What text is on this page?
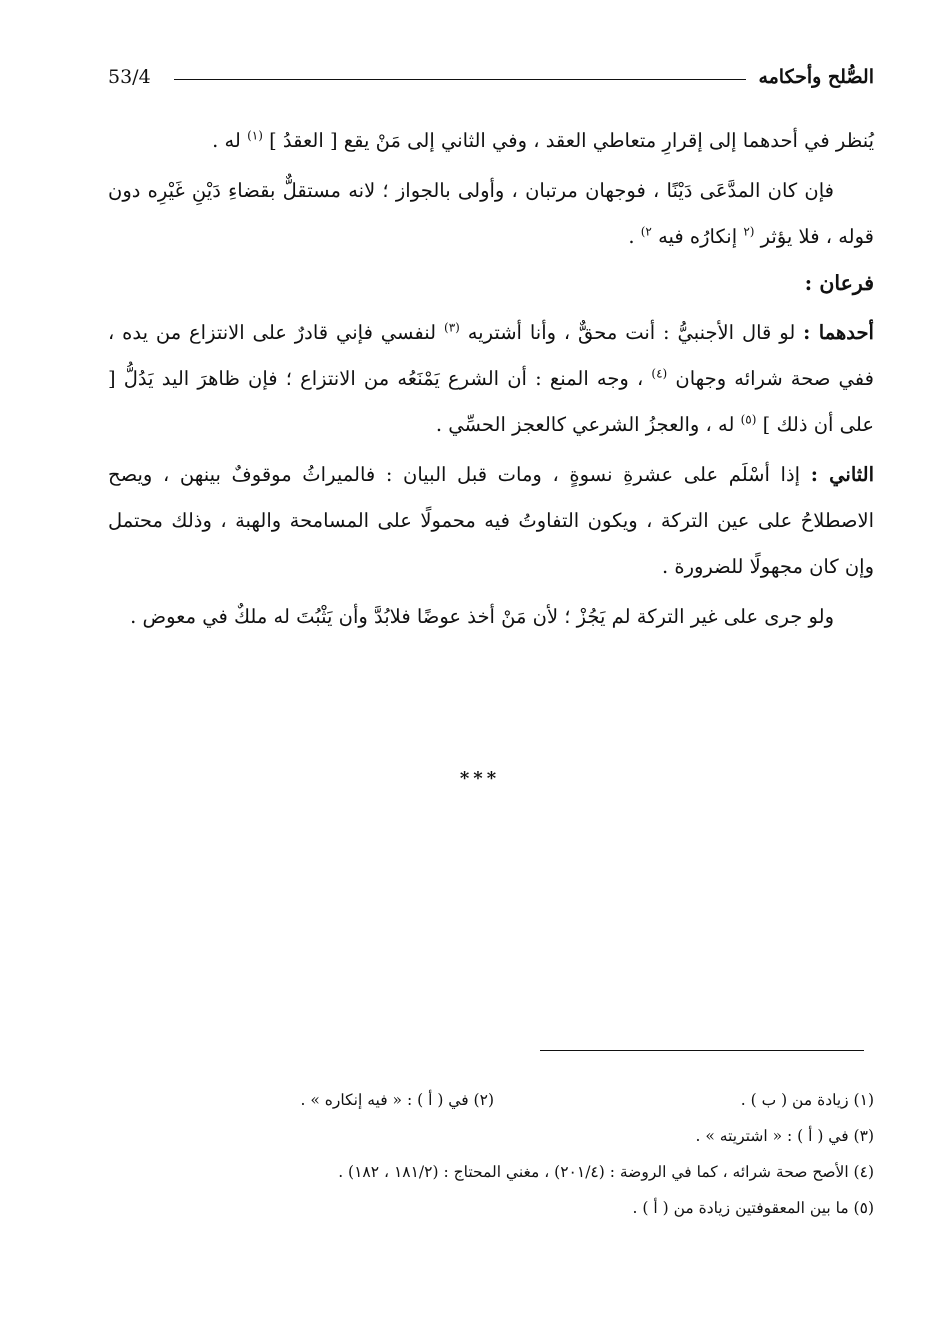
الصُّلح وأحكامه
53/4

يُنظر في أحدهما إلى إقرارِ متعاطي العقد ، وفي الثاني إلى مَنْ يقع [ العقدُ ] $^{(١)}$ له .

فإن كان المدَّعَى دَيْنًا ، فوجهان مرتبان ، وأولى بالجواز ؛ لانه مستقلٌّ بقضاءِ دَيْنِ غَيْرِه دون قوله ، فلا يؤثر $^{(٢}$ إنكارُه فيه $^{٢)}$ .

فرعان :

أحدهما : لو قال الأجنبيُّ : أنت محقٌّ ، وأنا أشتريه $^{(٣)}$ لنفسي فإني قادرٌ على الانتزاع من يده ، ففي صحة شرائه وجهان $^{(٤)}$ ، وجه المنع : أن الشرع يَمْنَعُه من الانتزاع ؛ فإن ظاهرَ اليد يَدُلُّ [ على أن ذلك ] $^{(٥)}$ له ، والعجزُ الشرعي كالعجز الحسِّي .

الثاني : إذا أسْلَم على عشرةِ نسوةٍ ، ومات قبل البيان : فالميراثُ موقوفٌ بينهن ، ويصح الاصطلاحُ على عين التركة ، ويكون التفاوتُ فيه محمولًا على المسامحة والهبة ، وذلك محتمل وإن كان مجهولًا للضرورة .

ولو جرى على غير التركة لم يَجُزْ ؛ لأن مَنْ أخذ عوضًا فلابُدَّ وأن يَثْبُتَ له ملكٌ في معوض .

***
(١) زيادة من ( ب ) .
(٢) في ( أ ) : « فيه إنكاره » .
(٣) في ( أ ) : « اشتريته » .
(٤) الأصح صحة شرائه ، كما في الروضة : (٢٠١/٤) ، مغني المحتاج : (١٨١/٢ ، ١٨٢) .
(٥) ما بين المعقوفتين زيادة من ( أ ) .
